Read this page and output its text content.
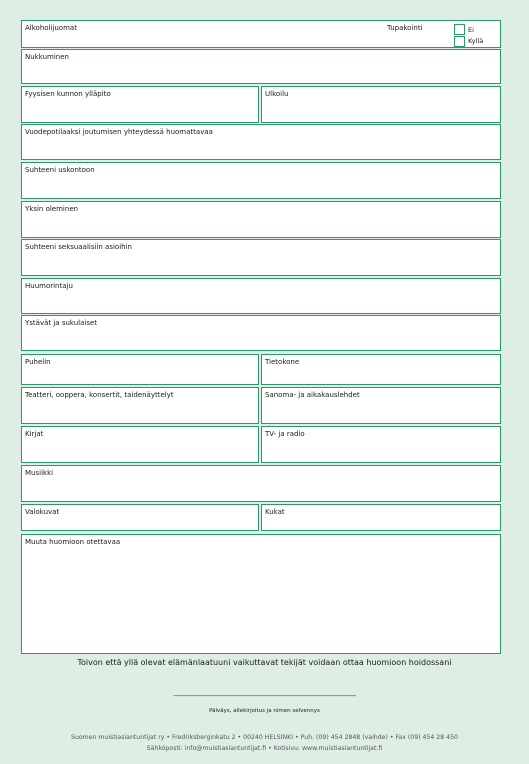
Alkoholijuomat	Tupakointi	Ei
Kyllä
Nukkuminen
Fyysisen kunnon ylläpito	Ulkoilu
Vuodepotilaaksi joutumisen yhteydessä huomattavaa
Suhteeni uskontoon
Yksin oleminen
Suhteeni seksuaalisiin asioihin
Huumorintaju
Ystävät ja sukulaiset
Puhelin	Tietokone
Teatteri, ooppera, konsertit, taidenäyttelyt	Sanoma- ja aikakauslehdet
Kirjat	TV- ja radio
Musiikki
Valokuvat	Kukat
Muuta huomioon otettavaa
Toivon että yllä olevat elämänlaatuuni vaikuttavat tekijät voidaan ottaa huomioon hoidossani
------------------------------------------------------------------------------------------
Päiväys, allekirjoitus ja nimen selvennys
Suomen muistiasiantuntijat ry • Fredriksberginkatu 2 • 00240 HELSINKI • Puh. (09) 454 2848 (vaihde) • Fax (09) 454 28 450
Sähköposti: info@muistiasiantuntijat.fi • Kotisivu: www.muistiasiantuntijat.fi
